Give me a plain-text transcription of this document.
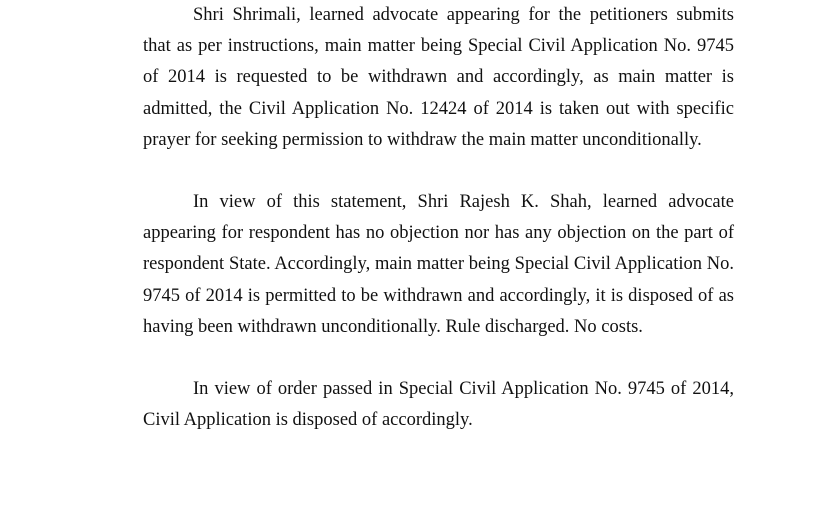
Shri Shrimali, learned advocate appearing for the petitioners submits that as per instructions, main matter being Special Civil Application No. 9745 of 2014 is requested to be withdrawn and accordingly, as main matter is admitted, the Civil Application No. 12424 of 2014 is taken out with specific prayer for seeking permission to withdraw the main matter unconditionally.

In view of this statement, Shri Rajesh K. Shah, learned advocate appearing for respondent has no objection nor has any objection on the part of respondent State. Accordingly, main matter being Special Civil Application No. 9745 of 2014 is permitted to be withdrawn and accordingly, it is disposed of as having been withdrawn unconditionally. Rule discharged. No costs.

In view of order passed in Special Civil Application No. 9745 of 2014, Civil Application is disposed of accordingly.
